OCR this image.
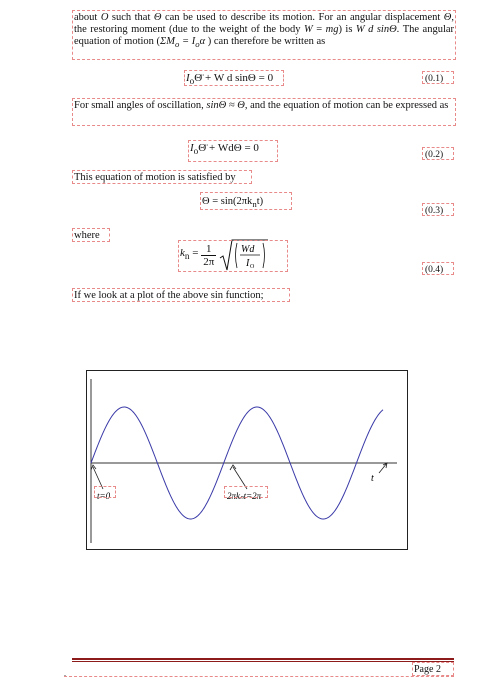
about O such that Θ can be used to describe its motion. For an angular displacement Θ, the restoring moment (due to the weight of the body W = mg) is W d sinΘ. The angular equation of motion ($\Sigma M_o = I_o\alpha$ ) can therefore be written as
$I_o\Thetä + W$ d sinΘ = 0	(0.1)
For small angles of oscillation, sinΘ ≈ Θ, and the equation of motion can be expressed as
$I_o\Thetä + Wd\Theta = 0$
(0.2)
This equation of motion is satisfied by
$\Theta = \sin(2\pi k_nt)$
(0.3)
where
$k_n = \frac{1}{2\pi}$
Wd
I O	(0.4)
If we look at a plot of the above sin function;
t=0	2πkₙt=2π
t
.	Page 2
